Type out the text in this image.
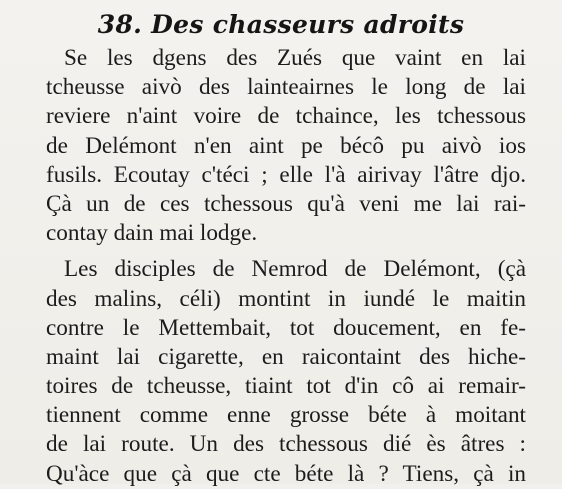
38. Des chasseurs adroits
Se les dgens des Zués que vaint en lai
tcheusse aivò des lainteairnes le long de lai
reviere n'aint voire de tchaince, les tchessous
de Delémont n'en aint pe bécô pu aivò ios
fusils. Ecoutay c'téci ; elle l'à airivay l'âtre djo.
Çà un de ces tchessous qu'à veni me lai rai-
contay dain mai lodge.
Les disciples de Nemrod de Delémont, (çà
des malins, céli) montint in iundé le maitin
contre le Mettembait, tot doucement, en fe-
maint lai cigarette, en raicontaint des hiche-
toires de tcheusse, tiaint tot d'in cô ai remair-
tiennent comme enne grosse béte à moitant
de lai route. Un des tchessous dié ès âtres :
Qu'àce que çà que cte béte là ? Tiens, çà in
